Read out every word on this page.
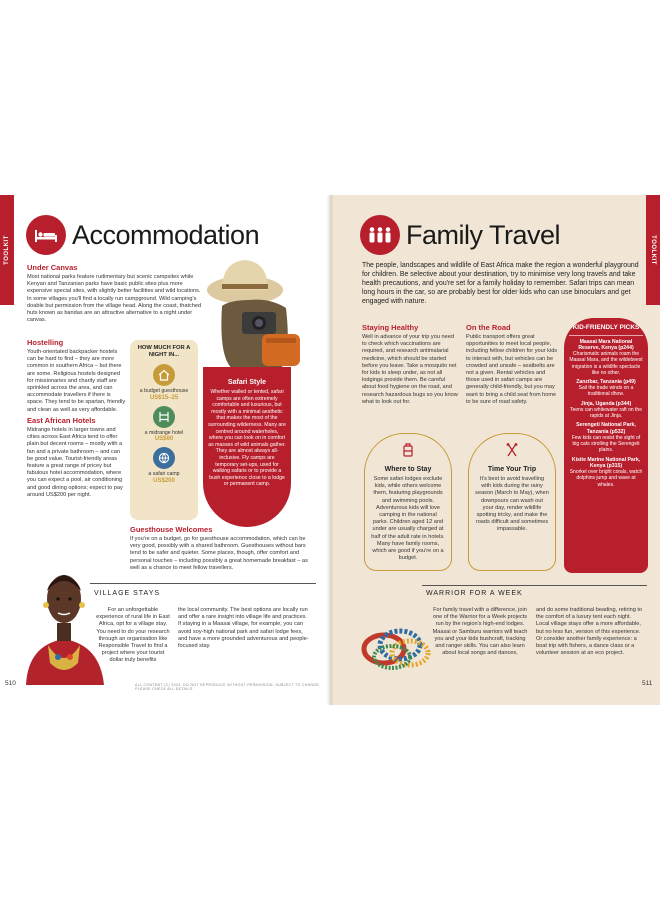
TOOLKIT
Accommodation
Under Canvas
Most national parks feature rudimentary but scenic campsites while Kenyan and Tanzanian parks have basic public sites plus more expensive special sites, with slightly better facilities and wild locations. In some villages you'll find a locally run campground. Wild camping's doable but permission from the village head. Along the coast, thatched huts known as bandas are an attractive alternative to a night under canvas.
Hostelling
Youth-orientated backpacker hostels can be hard to find – they are more common in southern Africa – but there are some. Religious hostels designed for missionaries and charity staff are sprinkled across the area, and can accommodate travellers if there is space. They tend to be spartan, friendly and clean as well as very affordable.
East African Hotels
Midrange hotels in larger towns and cities across East Africa tend to offer plain but decent rooms – mostly with a fan and a private bathroom – and can be good value. Tourist-friendly areas feature a great range of pricey but fabulous hotel accommodation, where you can expect a pool, air conditioning and good dining options; expect to pay around US$200 per night.
HOW MUCH FOR A NIGHT IN...
a budget guesthouse
US$15–25
a midrange hotel
US$60
a safari camp
US$200
Safari Style
Whether walled or tented, safari camps are often extremely comfortable and luxurious, but mostly with a minimal aesthetic that makes the most of the surrounding wilderness. Many are centred around waterholes, where you can look on in comfort as masses of wild animals gather. They are almost always all-inclusive. Fly camps are temporary set-ups, used for walking safaris or to provide a bush experience close to a lodge or permanent camp.
Guesthouse Welcomes
If you're on a budget, go for guesthouse accommodation, which can be very good, possibly with a shared bathroom. Guesthouses without bars tend to be safer and quieter. Some places, though, offer comfort and personal touches – including possibly a great homemade breakfast – as well as a chance to meet fellow travellers.
VILLAGE STAYS
For an unforgettable experience of rural life in East Africa, opt for a village stay. You need to do your research through an organisation like Responsible Travel to find a project where your tourist dollar truly benefits
the local community. The best options are locally run and offer a rare insight into village life and practices. If staying in a Maasai village, for example, you can avoid soy-high national park and safari lodge fees, and have a more grounded adventurous and people-focused stay.
510	ALL CONTENT (C) 2024. DO NOT REPRODUCE WITHOUT PERMISSION. SUBJECT TO CHANGE. PLEASE CHECK ALL DETAILS.
TOOLKIT
Family Travel
The people, landscapes and wildlife of East Africa make the region a wonderful playground for children. Be selective about your destination, try to minimise very long travels and take health precautions, and you're set for a family holiday to remember. Safari trips can mean long hours in the car, so are probably best for older kids who can use binoculars and get engaged with nature.
Staying Healthy
Well in advance of your trip you need to check which vaccinations are required, and research antimalarial medicine, which should be started before you leave. Take a mosquito net for kids to sleep under, as not all lodgings provide them. Be careful about food hygiene on the road, and research hazardous bugs so you know what to look out for.
On the Road
Public transport offers great opportunities to meet local people, including fellow children for your kids to interact with, but vehicles can be crowded and unsafe – seatbelts are not a given. Rental vehicles and those used in safari camps are generally child-friendly, but you may want to bring a child seat from home to be sure of road safety.
Where to Stay
Some safari lodges exclude kids, while others welcome them, featuring playgrounds and swimming pools. Adventurous kids will love camping in the national parks. Children aged 12 and under are usually charged at half of the adult rate in hotels. Many have family rooms, which are good if you're on a budget.
Time Your Trip
It's best to avoid travelling with kids during the rainy season (March to May), when downpours can wash out your day, render wildlife spotting tricky, and make the roads difficult and sometimes impassable.
KID-FRIENDLY PICKS
Maasai Mara National Reserve, Kenya (p244)
Charismatic animals roam the Maasai Mara, and the wildebeest migration is a wildlife spectacle like no other.
Zanzibar, Tanzania (p49)
Sail the trade winds on a traditional dhow.
Jinja, Uganda (p344)
Teens can whitewater raft on the rapids at Jinja.
Serengeti National Park, Tanzania (p532)
Few kids can resist the sight of big cats strolling the Serengeti plains.
Kisite Marine National Park, Kenya (p315)
Snorkel over bright corals, watch dolphins jump and wave at whales.
WARRIOR FOR A WEEK
For family travel with a difference, join one of the Warrior for a Week projects run by the region's high-end lodges. Maasai or Samburu warriors will teach you and your kids bushcraft, tracking and ranger skills. You can also learn about local songs and dances,
and do some traditional beading, retiring to the comfort of a luxury tent each night. Local village stays offer a more affordable, but no less fun, version of this experience. Or consider another family experience: a boat trip with fishers, a dance class or a volunteer session at an eco project.
511
